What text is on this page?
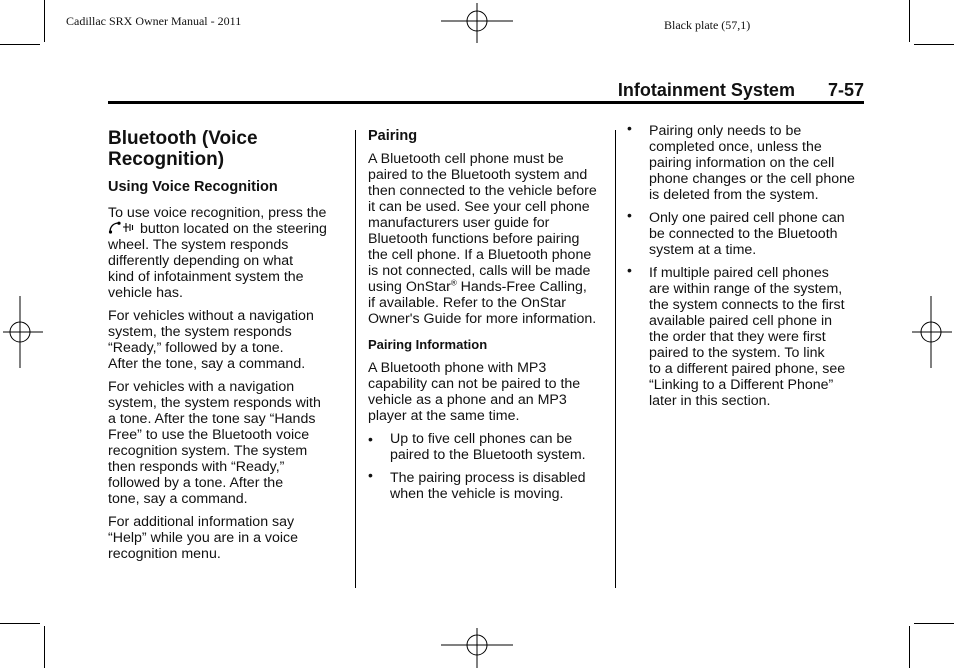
Cadillac SRX Owner Manual - 2011	Black plate (57,1)
Infotainment System 7-57
Bluetooth (Voice
Recognition)
Using Voice Recognition

To use voice recognition, press the
button located on the steering
wheel. The system responds
differently depending on what
kind of infotainment system the
vehicle has.

For vehicles without a navigation
system, the system responds
“Ready,” followed by a tone.
After the tone, say a command.

For vehicles with a navigation
system, the system responds with
a tone. After the tone say “Hands
Free” to use the Bluetooth voice
recognition system. The system
then responds with “Ready,”
followed by a tone. After the
tone, say a command.

For additional information say
“Help” while you are in a voice
recognition menu.

Pairing

A Bluetooth cell phone must be
paired to the Bluetooth system and
then connected to the vehicle before
it can be used. See your cell phone
manufacturers user guide for
Bluetooth functions before pairing
the cell phone. If a Bluetooth phone
is not connected, calls will be made
using OnStar® Hands-Free Calling,
if available. Refer to the OnStar
Owner's Guide for more information.

Pairing Information

A Bluetooth phone with MP3
capability can not be paired to the
vehicle as a phone and an MP3
player at the same time.

• Up to five cell phones can be
paired to the Bluetooth system.
• The pairing process is disabled
when the vehicle is moving.
• Pairing only needs to be
completed once, unless the
pairing information on the cell
phone changes or the cell phone
is deleted from the system.
• Only one paired cell phone can
be connected to the Bluetooth
system at a time.
• If multiple paired cell phones
are within range of the system,
the system connects to the first
available paired cell phone in
the order that they were first
paired to the system. To link
to a different paired phone, see
“Linking to a Different Phone”
later in this section.
